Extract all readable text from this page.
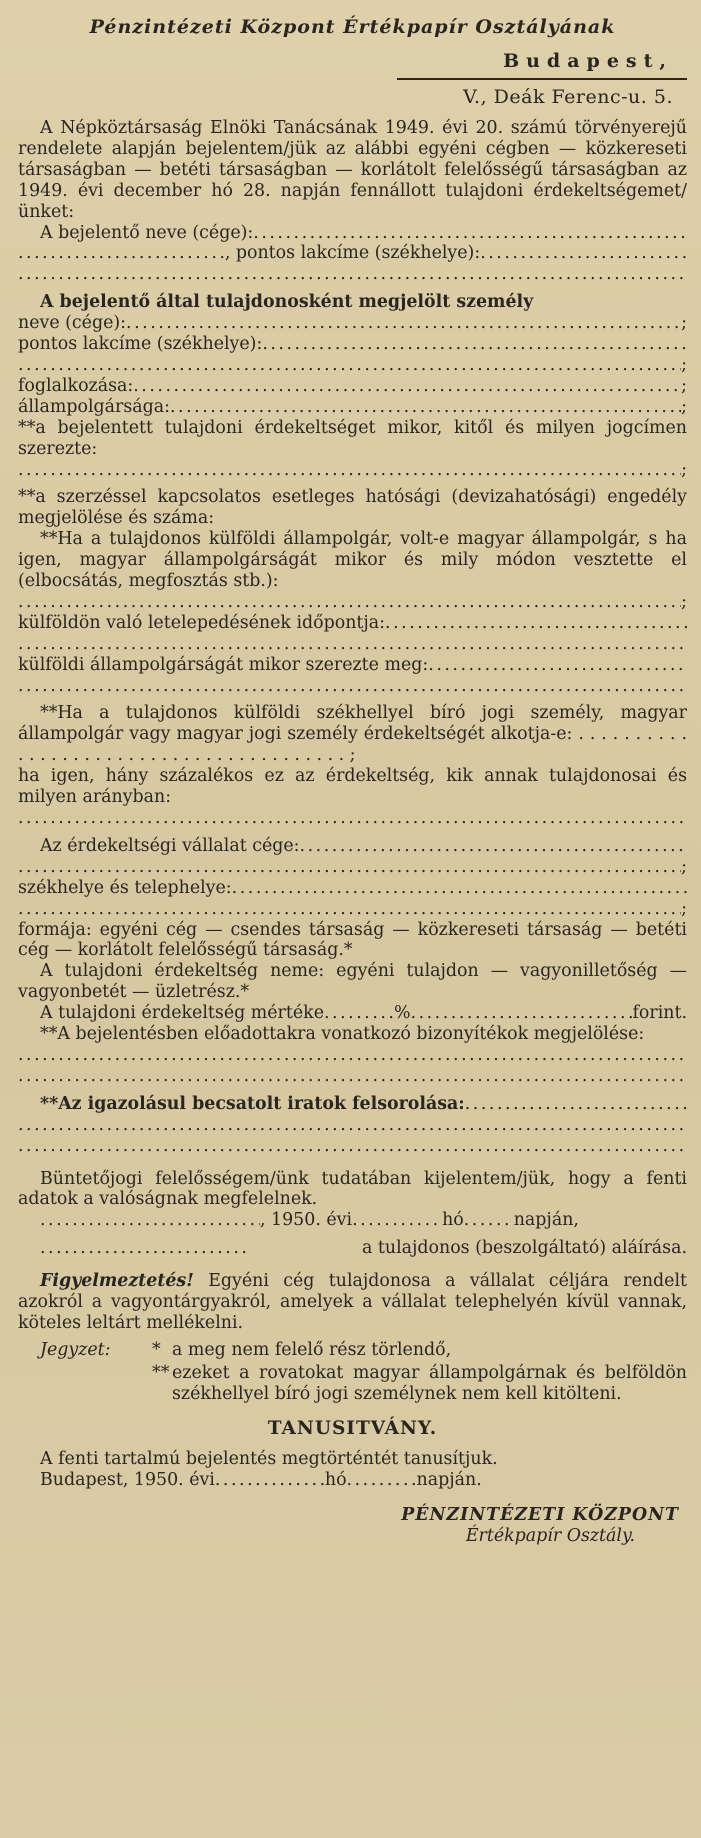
Pénzintézeti Központ Értékpapír Osztályának
Budapest,
V., Deák Ferenc-u. 5.

A Népköztársaság Elnöki Tanácsának 1949. évi 20. számú törvényerejű rendelete alapján bejelentem/jük az alábbi egyéni cégben — közkereseti társaságban — betéti társaságban — korlátolt felelősségű társaságban az 1949. évi december hó 28. napján fennállott tulajdoni érdekeltségemet/ünket:

A bejelentő neve (cége):
. . .
. . .
, pontos lakcíme (székhelye):
. . .
. . .

A bejelentő által tulajdonosként megjelölt személy

neve (cége): . . .	;
pontos lakcíme (székhelye):
. . .
. . .
;
foglalkozása: . . .	;
állampolgársága: . . .	;

**a bejelentett tulajdoni érdekeltséget mikor, kitől és milyen jogcímen szerezte:

. . .
;

**a szerzéssel kapcsolatos esetleges hatósági (devizahatósági) engedély megjelölése és száma:

**Ha a tulajdonos külföldi állampolgár, volt-e magyar állampolgár, s ha igen, magyar állampolgárságát mikor és mily módon vesztette el (elbocsátás, megfosztás stb.):

. . .
;
külföldön való letelepedésének időpontja:
. . .
. . .
külföldi állampolgárságát mikor szerezte meg:
. . .
. . .

**Ha a tulajdonos külföldi székhellyel bíró jogi személy, magyar állampolgár vagy magyar jogi személy érdekeltségét alkotja-e: . . . . . . . . . . . . . . . . . . . . . . . . . . . . . . . . . . . . . . . . ;

ha igen, hány százalékos ez az érdekeltség, kik annak tulajdonosai és milyen arányban:

. . .
Az érdekeltségi vállalat cége:
. . .
. . .
;
székhelye és telephelye:
. . .
. . .
;

formája: egyéni cég — csendes társaság — közkereseti társaság — betéti cég — korlátolt felelősségű társaság.*

A tulajdoni érdekeltség neme: egyéni tulajdon — vagyonilletőség — vagyonbetét — üzletrész.*

A tulajdoni érdekeltség mértéke . . .	% . . .	forint.

**A bejelentésben előadottakra vonatkozó bizonyítékok megjelölése:

. . .
. . .
**Az igazolásul becsatolt iratok felsorolása:
. . .
. . .
. . .

Büntetőjogi felelősségem/ünk tudatában kijelentem/jük, hogy a fenti adatok a valóságnak megfelelnek.

. . .
, 1950. évi . . .	hó . . .	napján,
. . .
a tulajdonos (beszolgáltató) aláírása.

Figyelmeztetés! Egyéni cég tulajdonosa a vállalat céljára rendelt azokról a vagyontárgyakról, amelyek a vállalat telephelyén kívül vannak, köteles leltárt mellékelni.

Jegyzet:	* a meg nem felelő rész törlendő,
** ezeket a rovatokat magyar állampolgárnak és belföldön székhellyel bíró jogi személynek nem kell kitölteni.
TANUSITVÁNY.

A fenti tartalmú bejelentés megtörténtét tanusítjuk.

Budapest, 1950. évi . . .	hó . . .	napján.
PÉNZINTÉZETI KÖZPONT
Értékpapír Osztály.
